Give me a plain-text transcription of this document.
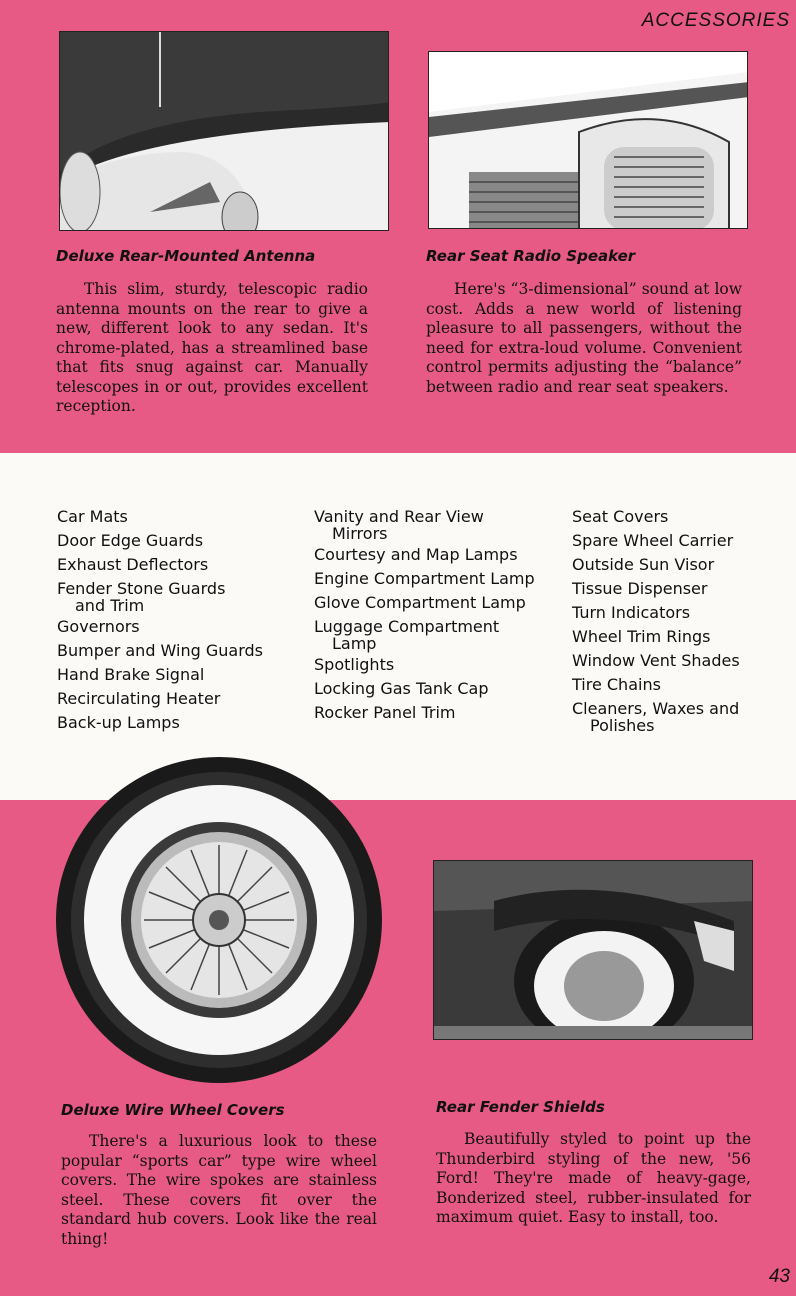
ACCESSORIES
Deluxe Rear-Mounted Antenna

This slim, sturdy, telescopic radio antenna mounts on the rear to give a new, different look to any sedan. It's chrome-plated, has a streamlined base that fits snug against car. Manually telescopes in or out, provides excellent reception.

Rear Seat Radio Speaker

Here's “3-dimensional” sound at low cost. Adds a new world of listening pleasure to all passengers, without the need for extra-loud volume. Convenient control permits adjusting the “balance” between radio and rear seat speakers.

Car Mats
Door Edge Guards
Exhaust Deflectors
Fender Stone Guards
and Trim
Governors
Bumper and Wing Guards
Hand Brake Signal
Recirculating Heater
Back-up Lamps
Vanity and Rear View
Mirrors
Courtesy and Map Lamps
Engine Compartment Lamp
Glove Compartment Lamp
Luggage Compartment
Lamp
Spotlights
Locking Gas Tank Cap
Rocker Panel Trim
Seat Covers
Spare Wheel Carrier
Outside Sun Visor
Tissue Dispenser
Turn Indicators
Wheel Trim Rings
Window Vent Shades
Tire Chains
Cleaners, Waxes and
Polishes
Deluxe Wire Wheel Covers

There's a luxurious look to these popular “sports car” type wire wheel covers. The wire spokes are stainless steel. These covers fit over the standard hub covers. Look like the real thing!

Rear Fender Shields

Beautifully styled to point up the Thunderbird styling of the new, '56 Ford! They're made of heavy-gage, Bonderized steel, rubber-insulated for maximum quiet. Easy to install, too.

43
